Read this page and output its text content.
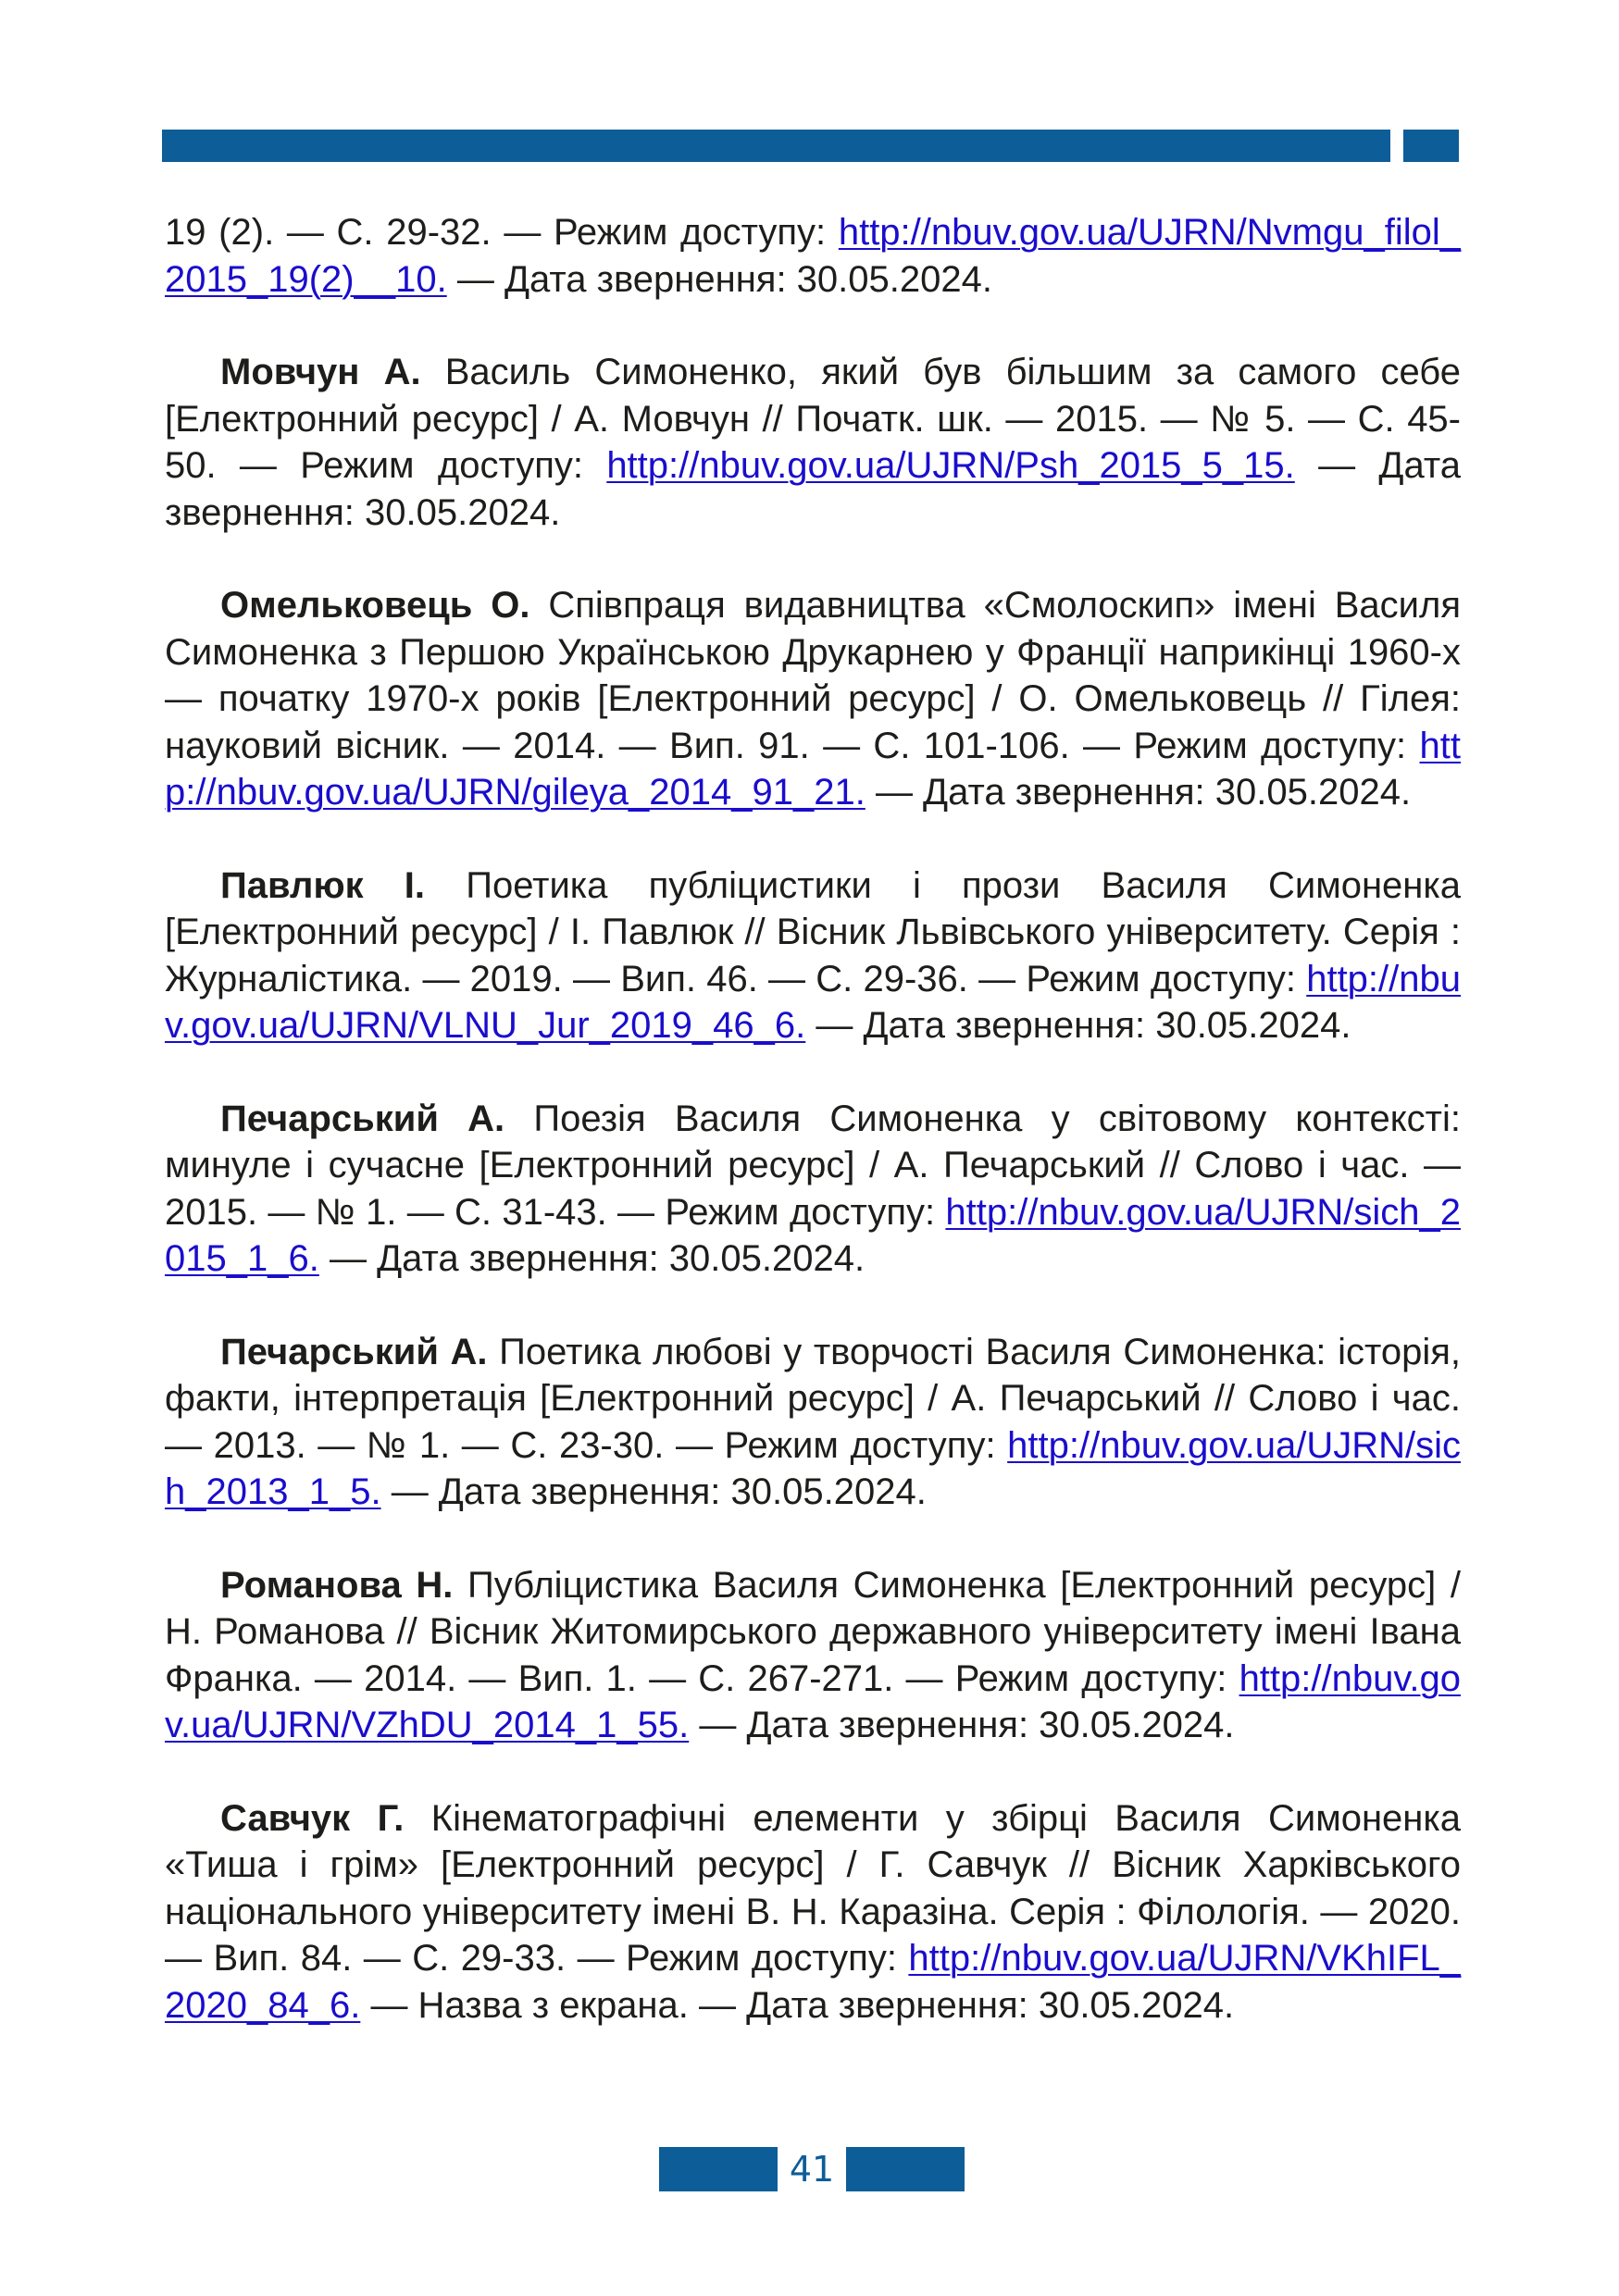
19 (2). — С. 29-32. — Режим доступу: http://nbuv.gov.ua/UJRN/Nvmgu_filol_2015_19(2)__10. — Дата звернення: 30.05.2024.

Мовчун А. Василь Симоненко, який був більшим за самого себе [Електронний ресурс] / А. Мовчун // Початк. шк. — 2015. — № 5. — С. 45-50. — Режим доступу: http://nbuv.gov.ua/UJRN/Psh_2015_5_15. — Дата звернення: 30.05.2024.

Омельковець О. Співпраця видавництва «Смолоскип» імені Василя Симоненка з Першою Українською Друкарнею у Франції наприкінці 1960-х — початку 1970-х років [Електронний ресурс] / О. Омельковець // Гілея: науковий вісник. — 2014. — Вип. 91. — С. 101-106. — Режим доступу: http://nbuv.gov.ua/UJRN/gileya_2014_91_21. — Дата звернення: 30.05.2024.

Павлюк І. Поетика публіцистики і прози Василя Симоненка [Електронний ресурс] / І. Павлюк // Вісник Львівського університету. Серія : Журналістика. — 2019. — Вип. 46. — С. 29-36. — Режим доступу: http://nbuv.gov.ua/UJRN/VLNU_Jur_2019_46_6. — Дата звернення: 30.05.2024.

Печарський А. Поезія Василя Симоненка у світовому контексті: минуле і сучасне [Електронний ресурс] / А. Печарський // Слово і час. — 2015. — № 1. — С. 31-43. — Режим доступу: http://nbuv.gov.ua/UJRN/sich_2015_1_6. — Дата звернення: 30.05.2024.

Печарський А. Поетика любові у творчості Василя Симоненка: історія, факти, інтерпретація [Електронний ресурс] / А. Печарський // Слово і час. — 2013. — № 1. — С. 23-30. — Режим доступу: http://nbuv.gov.ua/UJRN/sich_2013_1_5. — Дата звернення: 30.05.2024.

Романова Н. Публіцистика Василя Симоненка [Електронний ресурс] / Н. Романова // Вісник Житомирського державного університету імені Івана Франка. — 2014. — Вип. 1. — С. 267-271. — Режим доступу: http://nbuv.gov.ua/UJRN/VZhDU_2014_1_55. — Дата звернення: 30.05.2024.

Савчук Г. Кінематографічні елементи у збірці Василя Симоненка «Тиша і грім» [Електронний ресурс] / Г. Савчук // Вісник Харківського національного університету імені В. Н. Каразіна. Серія : Філологія. — 2020. — Вип. 84. — С. 29-33. — Режим доступу: http://nbuv.gov.ua/UJRN/VKhIFL_2020_84_6. — Назва з екрана. — Дата звернення: 30.05.2024.

41
